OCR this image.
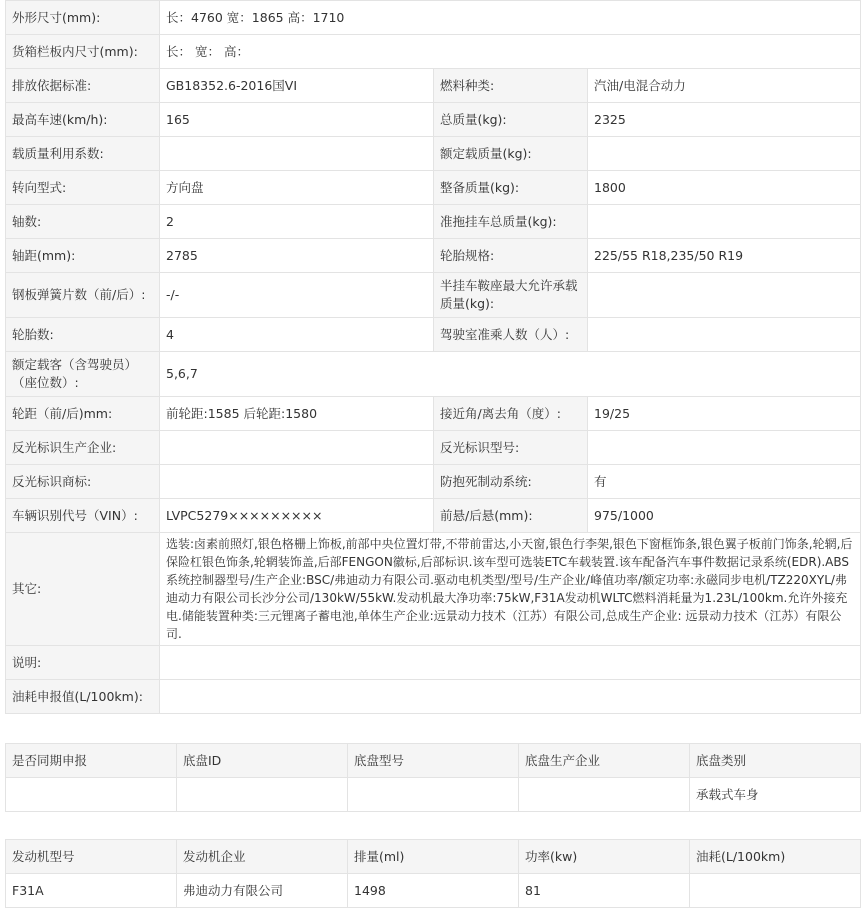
外形尺寸(mm):	长：4760 宽：1865 高：1710		
货箱栏板内尺寸(mm):	长： 宽： 高：		
排放依据标准:	GB18352.6-2016国VI	燃料种类:	汽油/电混合动力
最高车速(km/h):	165	总质量(kg):	2325
载质量利用系数:		额定载质量(kg):	
转向型式:	方向盘	整备质量(kg):	1800
轴数:	2	准拖挂车总质量(kg):	
轴距(mm):	2785	轮胎规格:	225/55 R18,235/50 R19
钢板弹簧片数（前/后）:	-/-	半挂车鞍座最大允许承载质量(kg):	
轮胎数:	4	驾驶室准乘人数（人）:	
额定载客（含驾驶员）（座位数）:	5,6,7		
轮距（前/后)mm:	前轮距:1585 后轮距:1580	接近角/离去角（度）:	19/25
反光标识生产企业:		反光标识型号:	
反光标识商标:		防抱死制动系统:	有
车辆识别代号（VIN）:	LVPC5279×××××××××	前悬/后悬(mm):	975/1000
其它:	选装:卤素前照灯,银色格栅上饰板,前部中央位置灯带,不带前雷达,小天窗,银色行李架,银色下窗框饰条,银色翼子板前门饰条,轮辋,后保险杠银色饰条,轮辋装饰盖,后部FENGON徽标,后部标识.该车型可选装ETC车载装置.该车配备汽车事件数据记录系统(EDR).ABS系统控制器型号/生产企业:BSC/弗迪动力有限公司.驱动电机类型/型号/生产企业/峰值功率/额定功率:永磁同步电机/TZ220XYL/弗迪动力有限公司长沙分公司/130kW/55kW.发动机最大净功率:75kW,F31A发动机WLTC燃料消耗量为1.23L/100km.允许外接充电.储能装置种类:三元锂离子蓄电池,单体生产企业:远景动力技术（江苏）有限公司,总成生产企业: 远景动力技术（江苏）有限公司.		
说明:			
油耗申报值(L/100km):			
是否同期申报	底盘ID	底盘型号	底盘生产企业	底盘类别
				承载式车身
发动机型号	发动机企业	排量(ml)	功率(kw)	油耗(L/100km)
F31A	弗迪动力有限公司	1498	81	
